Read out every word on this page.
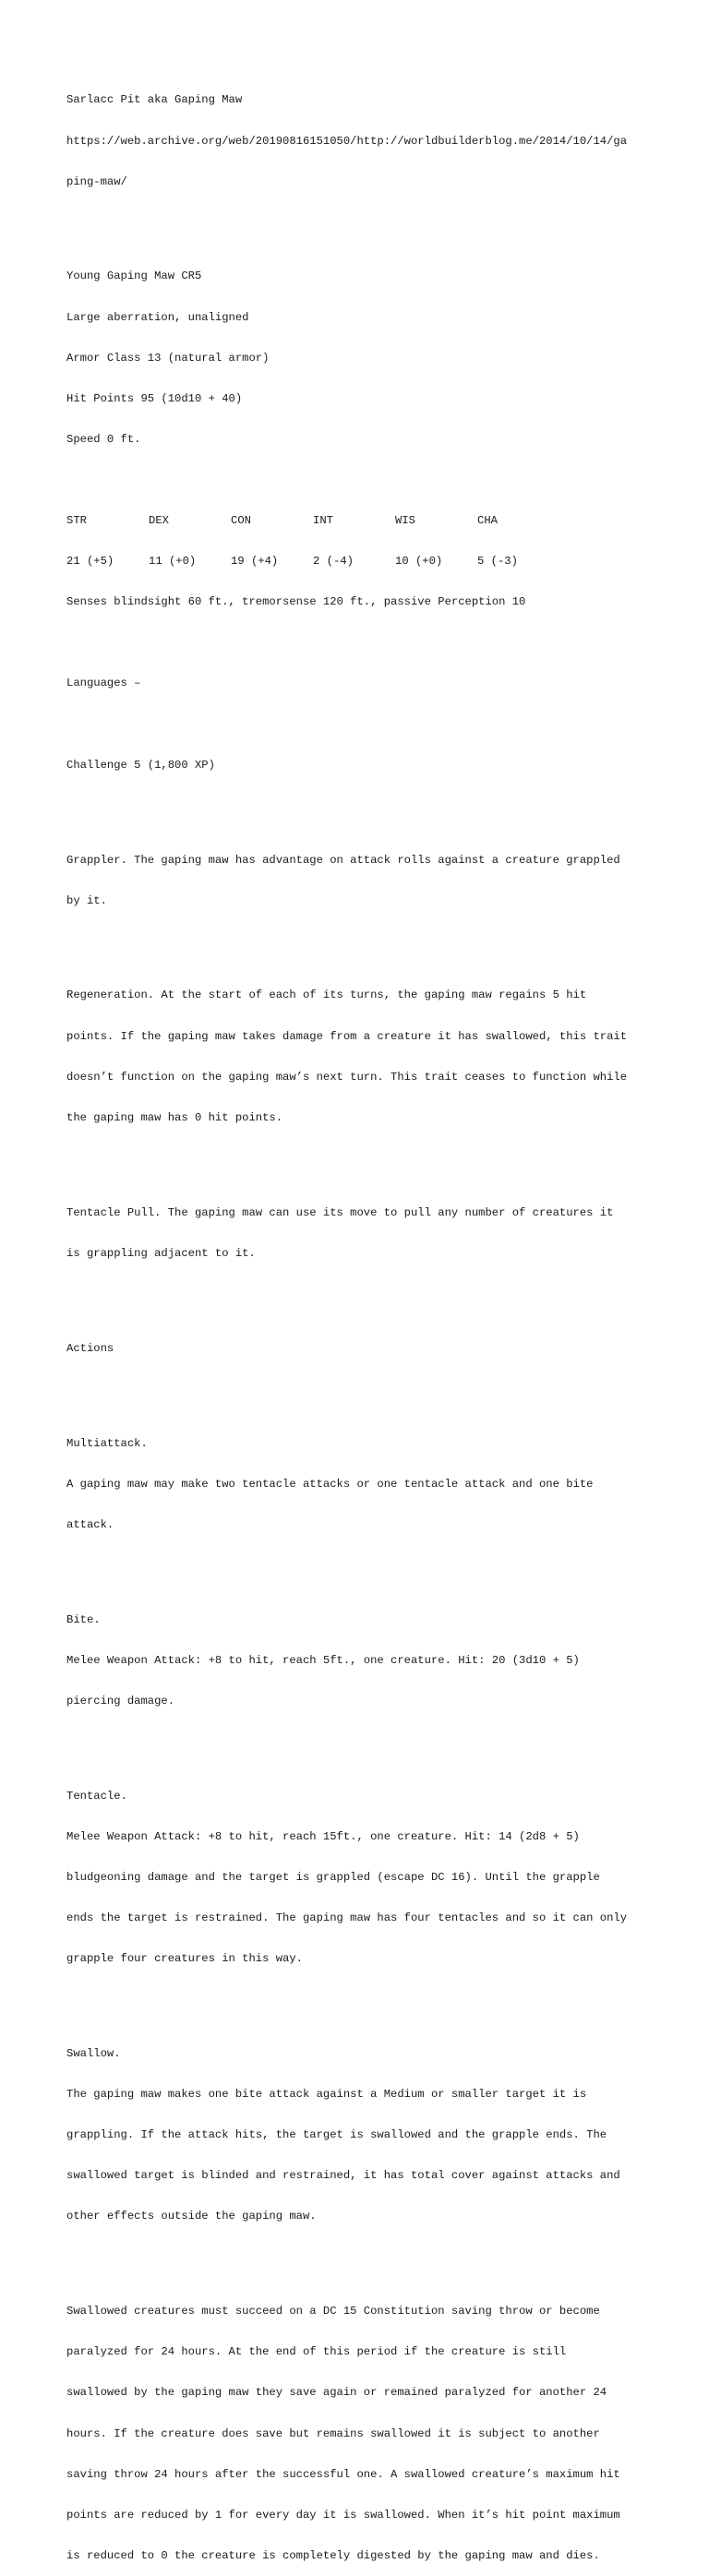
Sarlacc Pit aka Gaping Maw

https://web.archive.org/web/20190816151050/http://worldbuilderblog.me/2014/10/14/ga

ping-maw/

Young Gaping Maw CR5

Large aberration, unaligned

Armor Class 13 (natural armor)

Hit Points 95 (10d10 + 40)

Speed 0 ft.

STR	DEX	CON	INT	WIS	CHA

21 (+5)	11 (+0)	19 (+4)	2 (-4)	10 (+0)	5 (-3)

Senses blindsight 60 ft., tremorsense 120 ft., passive Perception 10

Languages –

Challenge 5 (1,800 XP)

Grappler. The gaping maw has advantage on attack rolls against a creature grappled

by it.

Regeneration. At the start of each of its turns, the gaping maw regains 5 hit

points. If the gaping maw takes damage from a creature it has swallowed, this trait

doesn’t function on the gaping maw’s next turn. This trait ceases to function while

the gaping maw has 0 hit points.

Tentacle Pull. The gaping maw can use its move to pull any number of creatures it

is grappling adjacent to it.

Actions

Multiattack.

A gaping maw may make two tentacle attacks or one tentacle attack and one bite

attack.

Bite.

Melee Weapon Attack: +8 to hit, reach 5ft., one creature. Hit: 20 (3d10 + 5)

piercing damage.

Tentacle.

Melee Weapon Attack: +8 to hit, reach 15ft., one creature. Hit: 14 (2d8 + 5)

bludgeoning damage and the target is grappled (escape DC 16). Until the grapple

ends the target is restrained. The gaping maw has four tentacles and so it can only

grapple four creatures in this way.

Swallow.

The gaping maw makes one bite attack against a Medium or smaller target it is

grappling. If the attack hits, the target is swallowed and the grapple ends. The

swallowed target is blinded and restrained, it has total cover against attacks and

other effects outside the gaping maw.

Swallowed creatures must succeed on a DC 15 Constitution saving throw or become

paralyzed for 24 hours. At the end of this period if the creature is still

swallowed by the gaping maw they save again or remained paralyzed for another 24

hours. If the creature does save but remains swallowed it is subject to another

saving throw 24 hours after the successful one. A swallowed creature’s maximum hit

points are reduced by 1 for every day it is swallowed. When it’s hit point maximum

is reduced to 0 the creature is completely digested by the gaping maw and dies.
